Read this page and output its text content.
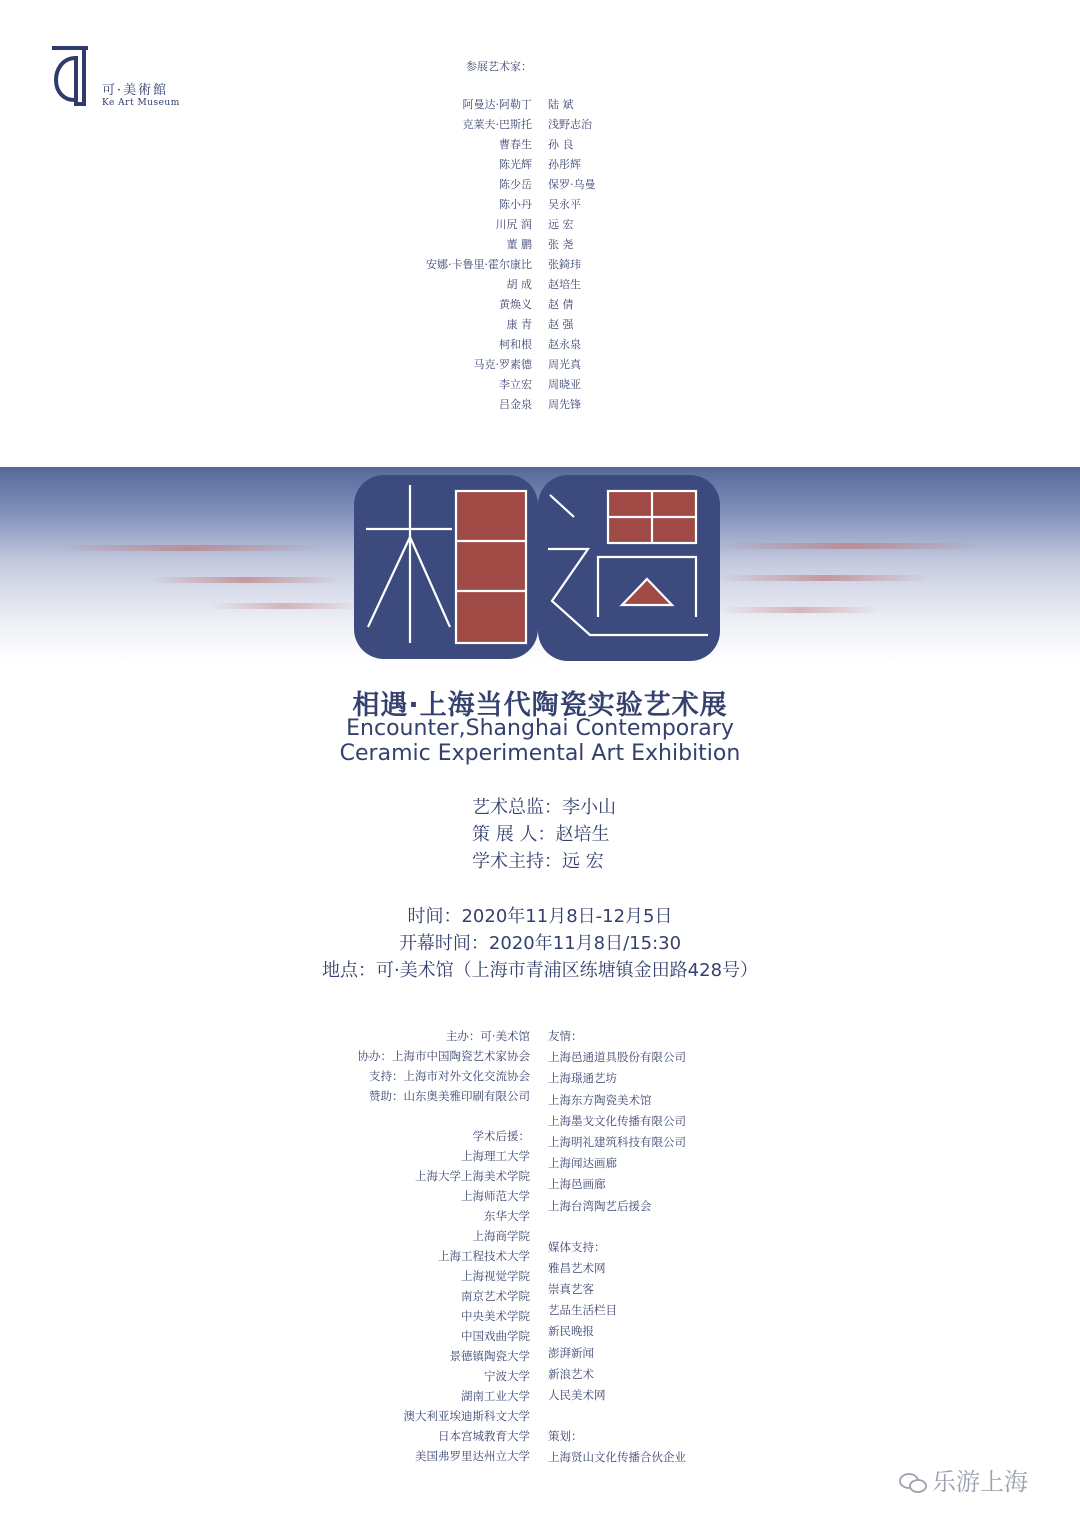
可·美術館
Ke Art Museum
参展艺术家：
阿曼达·阿勒丁 陆 斌
克莱夫·巴斯托 浅野志治
曹春生 孙 良
陈光辉 孙彤辉
陈少岳 保罗·乌曼
陈小丹 吴永平
川尻 润 远 宏
董 鹏 张 尧
安娜·卡鲁里·霍尔康比 张錡玮
胡 成 赵培生
黄焕义 赵 倩
康 青 赵 强
柯和根 赵永泉
马克·罗素德 周光真
李立宏 周晓亚
吕金泉 周先锋
相遇·上海当代陶瓷实验艺术展
Encounter,Shanghai Contemporary
Ceramic Experimental Art Exhibition
艺术总监：李小山
策 展 人：赵培生
学术主持：远 宏
时间：2020年11月8日-12月5日
开幕时间：2020年11月8日/15:30
地点：可·美术馆（上海市青浦区练塘镇金田路428号）
主办：可·美术馆
协办：上海市中国陶瓷艺术家协会
支持：上海市对外文化交流协会
赞助：山东奥美雅印刷有限公司
学术后援：
上海理工大学
上海大学上海美术学院
上海师范大学
东华大学
上海商学院
上海工程技术大学
上海视觉学院
南京艺术学院
中央美术学院
中国戏曲学院
景德镇陶瓷大学
宁波大学
湖南工业大学
澳大利亚埃迪斯科文大学
日本宫城教育大学
美国弗罗里达州立大学
友情：
上海邑通道具股份有限公司
上海璟通艺坊
上海东方陶瓷美术馆
上海墨戈文化传播有限公司
上海明礼建筑科技有限公司
上海闻达画廊
上海邑画廊
上海台湾陶艺后援会
媒体支持：
雅昌艺术网
崇真艺客
艺品生活栏目
新民晚报
澎湃新闻
新浪艺术
人民美术网
策划：
上海贤山文化传播合伙企业
乐游上海
